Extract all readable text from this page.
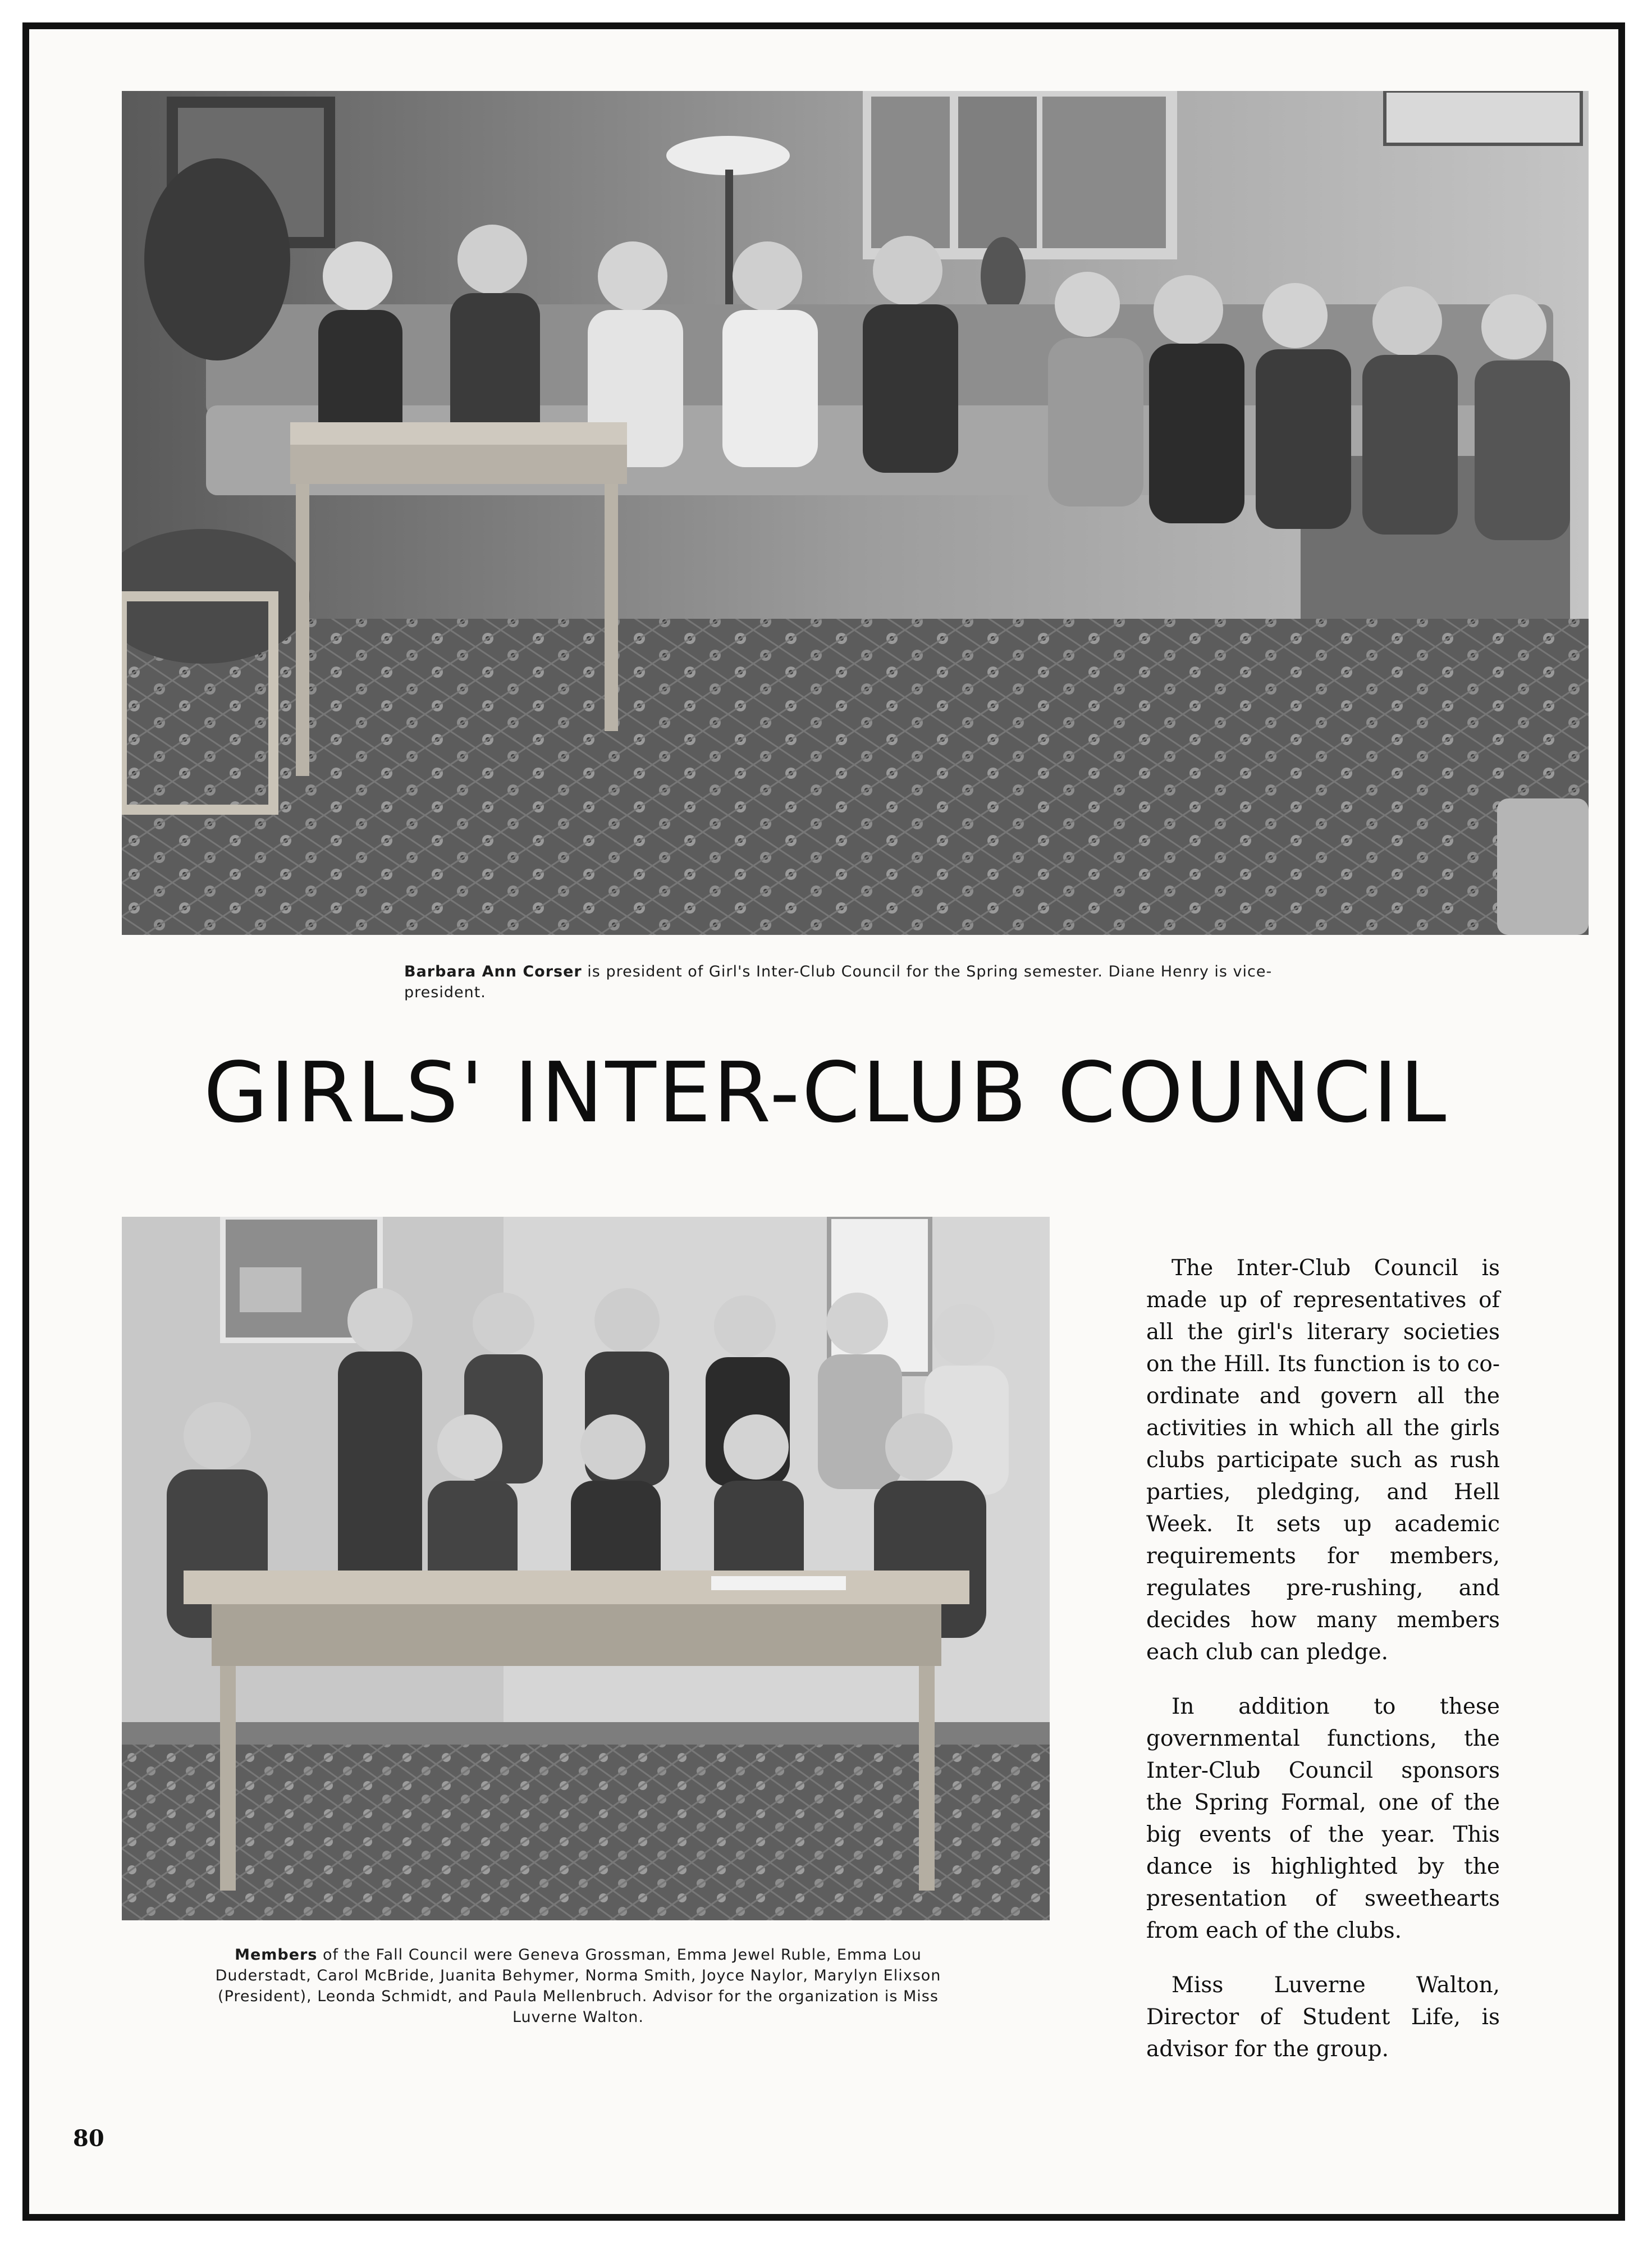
Barbara Ann Corser is president of Girl's Inter-Club Council for the Spring semester. Diane Henry is vice-president.
GIRLS' INTER-CLUB COUNCIL
Members of the Fall Council were Geneva Grossman, Emma Jewel Ruble, Emma Lou Duderstadt, Carol McBride, Juanita Behymer, Norma Smith, Joyce Naylor, Marylyn Elixson (President), Leonda Schmidt, and Paula Mellenbruch. Advisor for the organization is Miss Luverne Walton.

The Inter-Club Council is made up of representatives of all the girl's literary societies on the Hill. Its function is to co-ordinate and govern all the activities in which all the girls clubs participate such as rush parties, pledging, and Hell Week. It sets up academic requirements for members, regulates pre-rushing, and decides how many members each club can pledge.

In addition to these governmental functions, the Inter-Club Council sponsors the Spring Formal, one of the big events of the year. This dance is highlighted by the presentation of sweethearts from each of the clubs.

Miss Luverne Walton, Director of Student Life, is advisor for the group.

80
